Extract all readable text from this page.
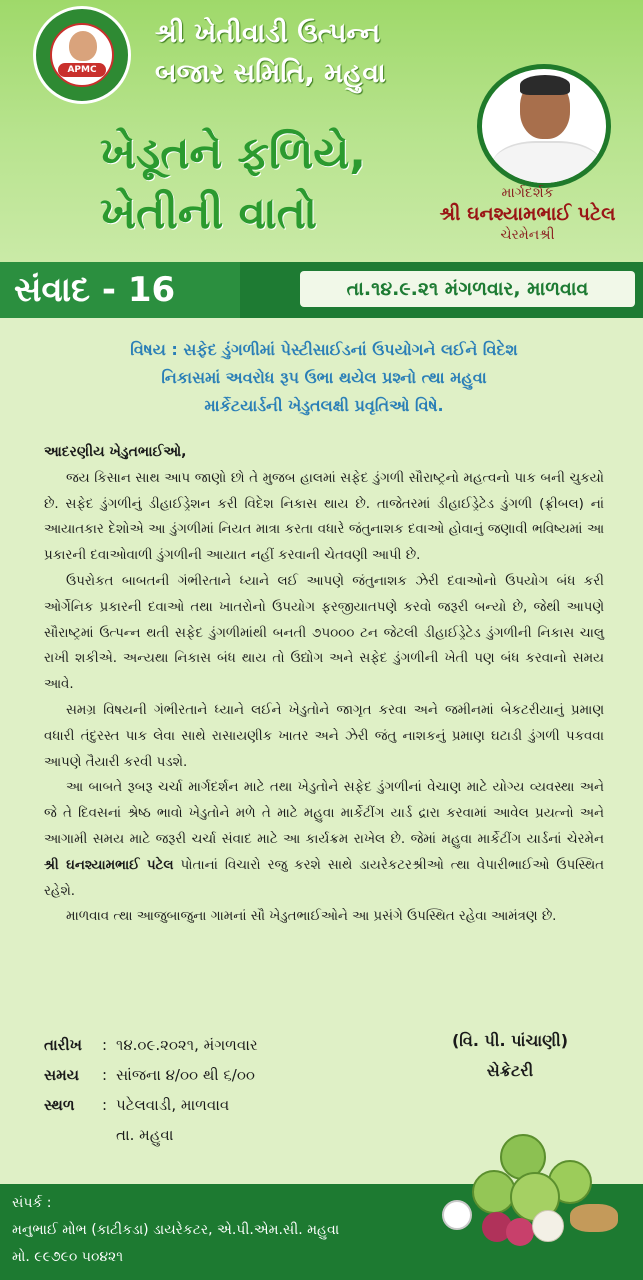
APMC
શ્રી ખેતીવાડી ઉત્પન્ન
બજાર સમિતિ, મહુવા
ખેડૂતને ફળિયે,
ખેતીની વાતો	માર્ગદર્શક
શ્રી ઘનશ્યામભાઈ પટેલ
ચેરમેનશ્રી
સંવાદ - 16	તા.૧૪.૯.૨૧ મંગળવાર, માળવાવ
વિષય : સફેદ ડુંગળીમાં પેસ્ટીસાઈડનાં ઉપયોગને લઈને વિદેશ
નિકાસમાં અવરોધ રૂપ ઉભા થયેલ પ્રશ્નો ત્થા મહુવા
માર્કેટયાર્ડની ખેડુતલક્ષી પ્રવૃતિઓ વિષે.
આદરણીય ખેડુતભાઈઓ,

જય કિસાન સાથ આપ જાણો છો તે મુજબ હાલમાં સફેદ ડુંગળી સૌરાષ્ટ્રનો મહત્વનો પાક બની ચુકયો છે. સફેદ ડુંગળીનું ડીહાઈડ્રેશન કરી વિદેશ નિકાસ થાય છે. તાજેતરમાં ડીહાઈડ્રેટેડ ડુંગળી (ફ્રીબલ) નાં આયાતકાર દેશોએ આ ડુંગળીમાં નિયત માત્રા કરતા વધારે જંતુનાશક દવાઓ હોવાનું જણાવી ભવિષ્યમાં આ પ્રકારની દવાઓવાળી ડુંગળીની આયાત નહીં કરવાની ચેતવણી આપી છે.

ઉપરોકત બાબતની ગંભીરતાને ધ્યાને લઈ આપણે જંતુનાશક ઝેરી દવાઓનો ઉપયોગ બંધ કરી ઓર્ગેનિક પ્રકારની દવાઓ તથા ખાતરોનો ઉપયોગ ફરજીયાતપણે કરવો જરૂરી બન્યો છે, જેથી આપણે સૌરાષ્ટ્રમાં ઉત્પન્ન થતી સફેદ ડુંગળીમાંથી બનતી ૭૫૦૦૦ ટન જેટલી ડીહાઈડ્રેટેડ ડુંગળીની નિકાસ ચાલુ રાખી શકીએ. અન્યથા નિકાસ બંધ થાય તો ઉદ્યોગ અને સફેદ ડુંગળીની ખેતી પણ બંધ કરવાનો સમય આવે.

સમગ્ર વિષયની ગંભીરતાને ધ્યાને લઈને ખેડુતોને જાગૃત કરવા અને જમીનમાં બેકટરીયાનું પ્રમાણ વધારી તંદુરસ્ત પાક લેવા સાથે રાસાયણીક ખાતર અને ઝેરી જંતુ નાશકનું પ્રમાણ ઘટાડી ડુંગળી પકવવા આપણે તૈયારી કરવી પડશે.

આ બાબતે રૂબરૂ ચર્ચા માર્ગદર્શન માટે તથા ખેડુતોને સફેદ ડુંગળીનાં વેચાણ માટે યોગ્ય વ્યવસ્થા અને જે તે દિવસનાં શ્રેષ્ઠ ભાવો ખેડુતોને મળે તે માટે મહુવા માર્કેટીંગ યાર્ડ દ્રારા કરવામાં આવેલ પ્રયત્નો અને આગામી સમય માટે જરૂરી ચર્ચા સંવાદ માટે આ કાર્યક્રમ રાખેલ છે. જેમાં મહુવા માર્કેટીંગ યાર્ડનાં ચેરમેન શ્રી ઘનશ્યામભાઈ પટેલ પોતાનાં વિચારો રજુ કરશે સાથે ડાયરેકટરશ્રીઓ ત્થા વેપારીભાઈઓ ઉપસ્થિત રહેશે.

માળવાવ ત્થા આજુબાજુના ગામનાં સૌ ખેડુતભાઈઓને આ પ્રસંગે ઉપસ્થિત રહેવા આમંત્રણ છે.

તારીખ	: ૧૪.૦૯.૨૦૨૧, મંગળવાર
સમય	: સાંજના ૪/૦૦ થી ૬/૦૦
સ્થળ	: પટેલવાડી, માળવાવ
તા. મહુવા
(વિ. પી. પાંચાણી)
સેક્રેટરી
સંપર્ક :
મનુભાઈ મોભ (કાટીકડા) ડાયરેકટર, એ.પી.એમ.સી. મહુવા
મો. ૯૯૭૯૦ ૫૦૪૨૧
